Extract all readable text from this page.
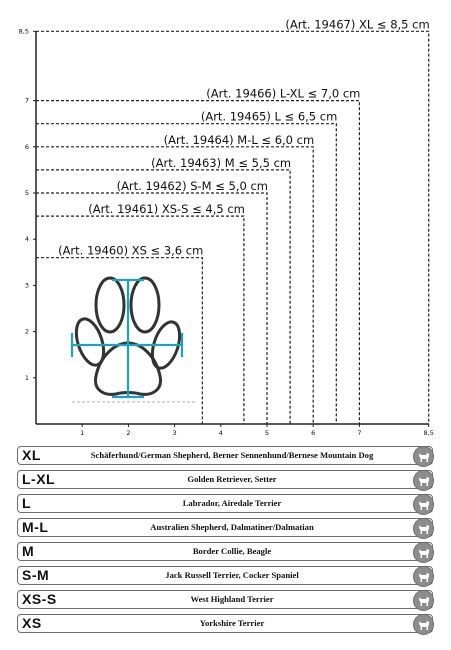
(Art. 19460) XS ≤ 3,6 cm
(Art. 19461) XS-S ≤ 4,5 cm
(Art. 19462) S-M ≤ 5,0 cm
(Art. 19463) M ≤ 5,5 cm
(Art. 19464) M-L ≤ 6,0 cm
(Art. 19465) L ≤ 6,5 cm
(Art. 19466) L-XL ≤ 7,0 cm
(Art. 19467) XL ≤ 8,5 cm
1
1
2
2
3
3
4
4
5
5
6
6
7
7
8,5
8,5
XL	Schäferhund/German Shepherd, Berner Sennenhund/Bernese Mountain Dog
L-XL	Golden Retriever, Setter
L	Labrador, Airedale Terrier
M-L	Australien Shepherd, Dalmatiner/Dalmatian
M	Border Collie, Beagle
S-M	Jack Russell Terrier, Cocker Spaniel
XS-S	West Highland Terrier
XS	Yorkshire Terrier
